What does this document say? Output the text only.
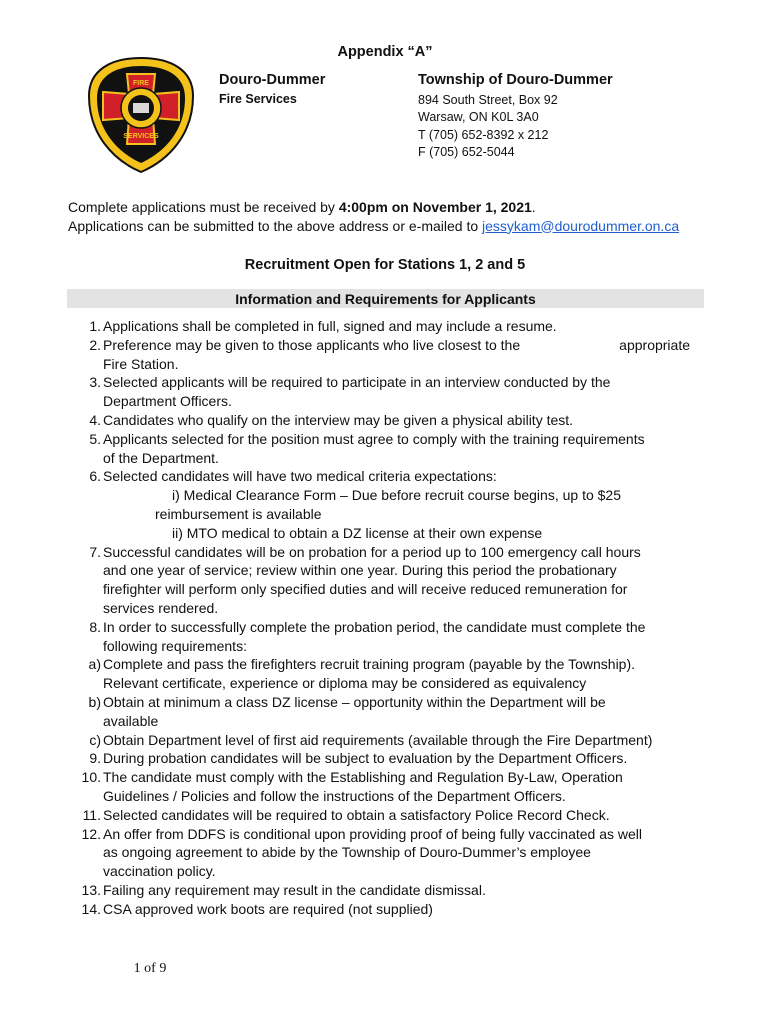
Appendix “A”
FIRE
SERVICES
Douro-Dummer
Fire Services
Township of Douro-Dummer
894 South Street, Box 92
Warsaw, ON K0L 3A0
T (705) 652-8392 x 212
F (705) 652-5044
Complete applications must be received by 4:00pm on November 1, 2021.
Applications can be submitted to the above address or e-mailed to jessykam@dourodummer.on.ca
Recruitment Open for Stations 1, 2 and 5
Information and Requirements for Applicants
1. Applications shall be completed in full, signed and may include a resume.
2. Preference may be given to those applicants who live closest to the	appropriate
Fire Station.
3. Selected applicants will be required to participate in an interview conducted by the
Department Officers.
4. Candidates who qualify on the interview may be given a physical ability test.
5. Applicants selected for the position must agree to comply with the training requirements
of the Department.
6. Selected candidates will have two medical criteria expectations:
i) Medical Clearance Form – Due before recruit course begins, up to $25
reimbursement is available
ii) MTO medical to obtain a DZ license at their own expense
7. Successful candidates will be on probation for a period up to 100 emergency call hours
and one year of service; review within one year. During this period the probationary
firefighter will perform only specified duties and will receive reduced remuneration for
services rendered.
8. In order to successfully complete the probation period, the candidate must complete the
following requirements:
a) Complete and pass the firefighters recruit training program (payable by the Township).
Relevant certificate, experience or diploma may be considered as equivalency
b) Obtain at minimum a class DZ license – opportunity within the Department will be
available
c) Obtain Department level of first aid requirements (available through the Fire Department)
9. During probation candidates will be subject to evaluation by the Department Officers.
10. The candidate must comply with the Establishing and Regulation By-Law, Operation
Guidelines / Policies and follow the instructions of the Department Officers.
11. Selected candidates will be required to obtain a satisfactory Police Record Check.
12. An offer from DDFS is conditional upon providing proof of being fully vaccinated as well
as ongoing agreement to abide by the Township of Douro-Dummer’s employee
vaccination policy.
13. Failing any requirement may result in the candidate dismissal.
14. CSA approved work boots are required (not supplied)
1 of 9
